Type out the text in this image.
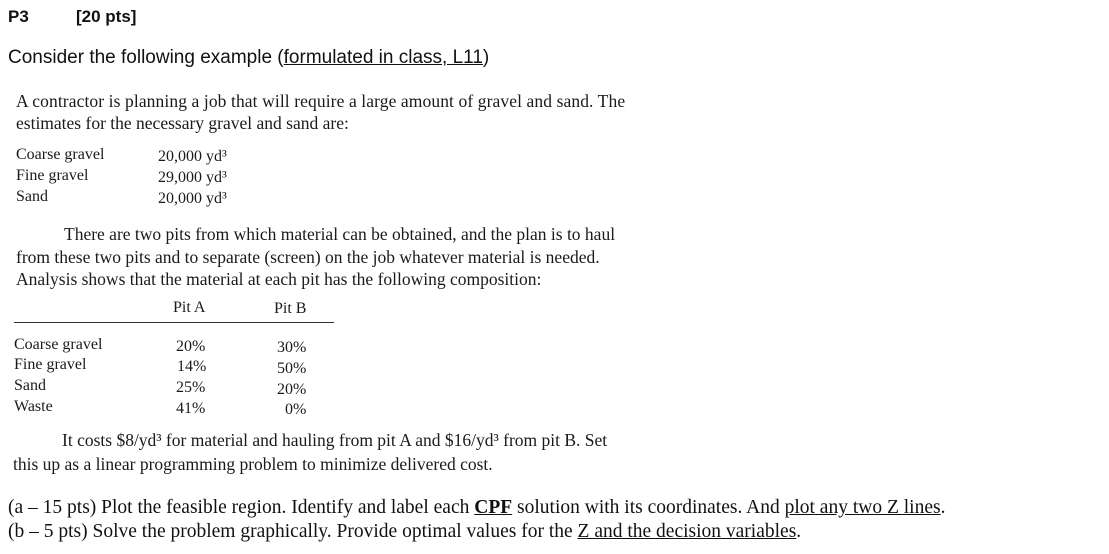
P3	[20 pts]
Consider the following example (formulated in class, L11)
A contractor is planning a job that will require a large amount of gravel and sand. The
estimates for the necessary gravel and sand are:
Coarse gravel	20,000 yd³
Fine gravel	29,000 yd³
Sand	20,000 yd³
There are two pits from which material can be obtained, and the plan is to haul
from these two pits and to separate (screen) on the job whatever material is needed.
Analysis shows that the material at each pit has the following composition:
Pit A	Pit B
Coarse gravel	20%	30%
Fine gravel	14%	50%
Sand	25%	20%
Waste	41%	0%
It costs $8/yd³ for material and hauling from pit A and $16/yd³ from pit B. Set
this up as a linear programming problem to minimize delivered cost.
(a – 15 pts) Plot the feasible region. Identify and label each CPF solution with its coordinates. And plot any two Z lines.
(b – 5 pts) Solve the problem graphically. Provide optimal values for the Z and the decision variables.
